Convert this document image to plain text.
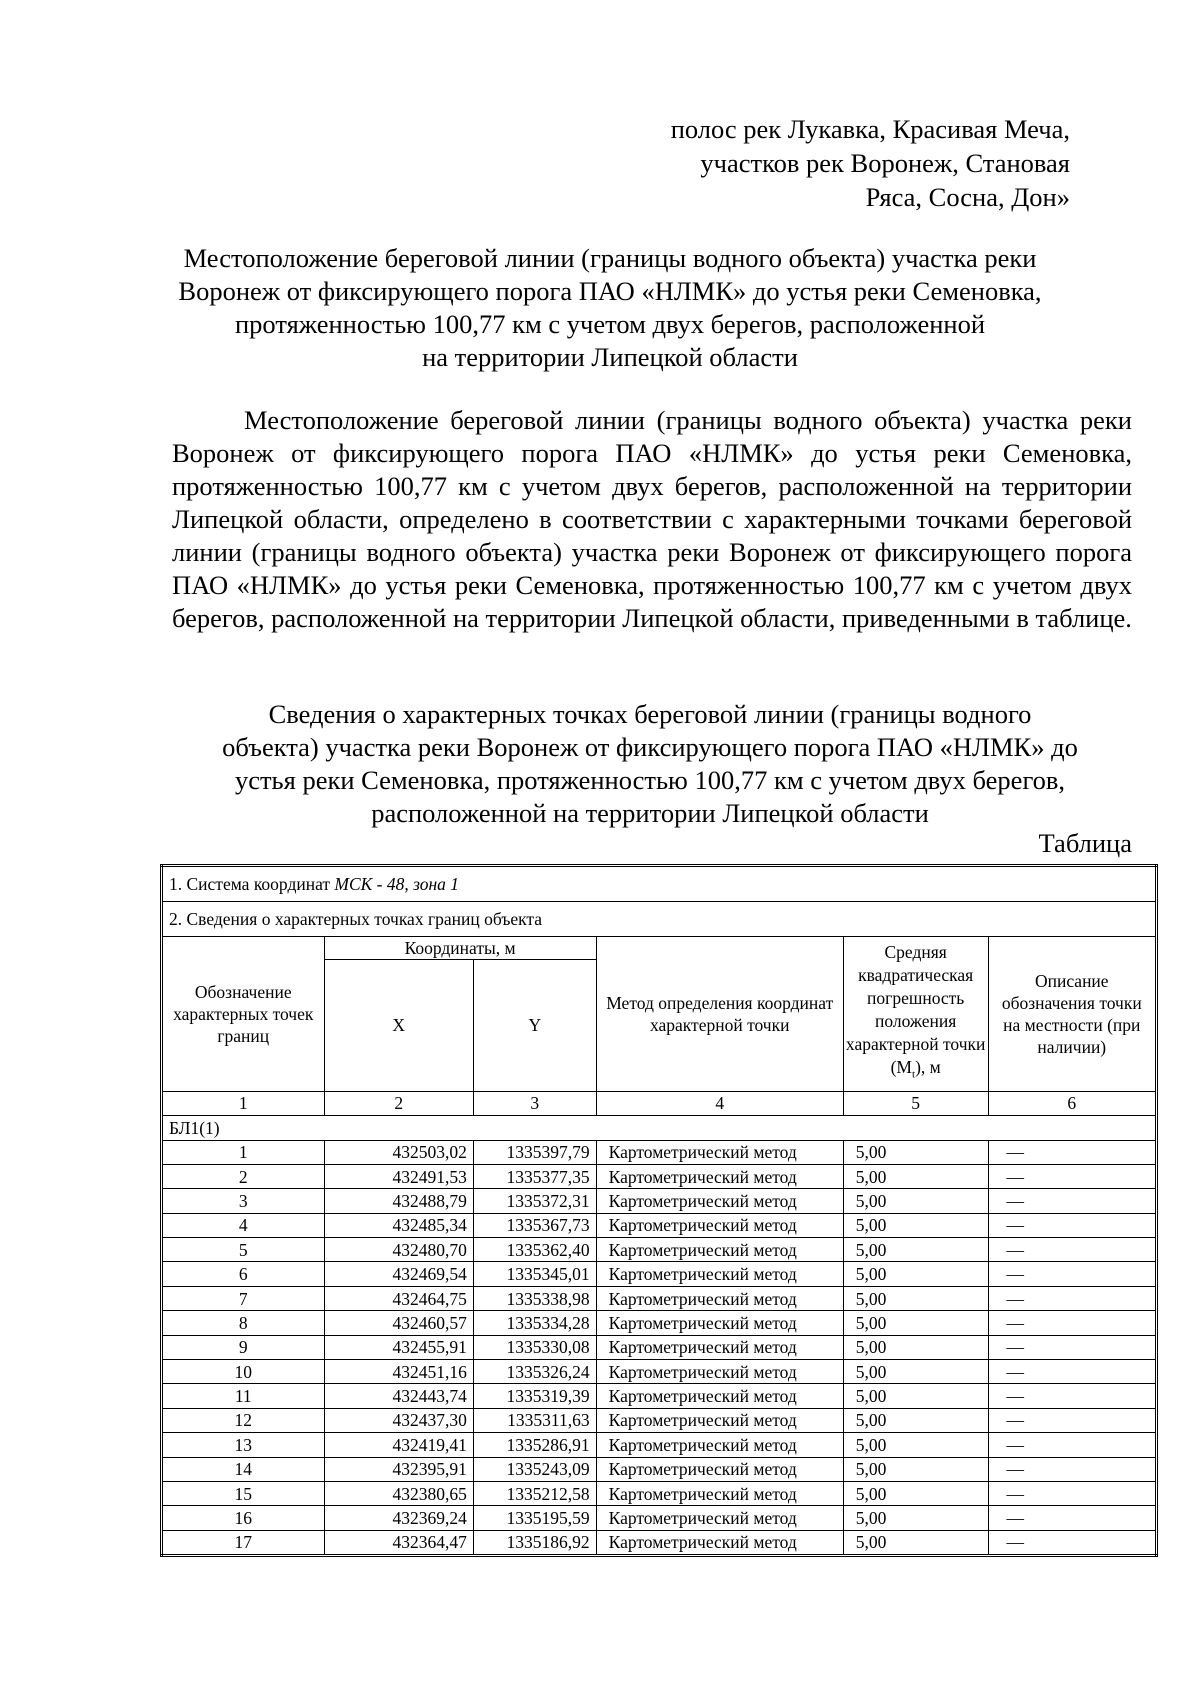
полос рек Лукавка, Красивая Меча,
участков рек Воронеж, Становая
Ряса, Сосна, Дон»
Местоположение береговой линии (границы водного объекта) участка реки
Воронеж от фиксирующего порога ПАО «НЛМК» до устья реки Семеновка,
протяженностью 100,77 км с учетом двух берегов, расположенной
на территории Липецкой области
Местоположение береговой линии (границы водного объекта) участка реки Воронеж от фиксирующего порога ПАО «НЛМК» до устья реки Семеновка, протяженностью 100,77 км с учетом двух берегов, расположенной на территории Липецкой области, определено в соответствии с характерными точками береговой линии (границы водного объекта) участка реки Воронеж от фиксирующего порога ПАО «НЛМК» до устья реки Семеновка, протяженностью 100,77 км с учетом двух берегов, расположенной на территории Липецкой области, приведенными в таблице.
Сведения о характерных точках береговой линии (границы водного
объекта) участка реки Воронеж от фиксирующего порога ПАО «НЛМК» до
устья реки Семеновка, протяженностью 100,77 км с учетом двух берегов,
расположенной на территории Липецкой области
Таблица
1. Система координат МСК - 48, зона 1					
2. Сведения о характерных точках границ объекта					
Обозначение характерных точек границ	Координаты, м		Метод определения координат характерной точки	Средняя квадратическая погрешность положения характерной точки $(M_t)$, м	Описание обозначения точки на местности (при наличии)
	X	Y			
1	2	3	4	5	6
БЛ1(1)					
1	432503,02	1335397,79	Картометрический метод	5,00	—
2	432491,53	1335377,35	Картометрический метод	5,00	—
3	432488,79	1335372,31	Картометрический метод	5,00	—
4	432485,34	1335367,73	Картометрический метод	5,00	—
5	432480,70	1335362,40	Картометрический метод	5,00	—
6	432469,54	1335345,01	Картометрический метод	5,00	—
7	432464,75	1335338,98	Картометрический метод	5,00	—
8	432460,57	1335334,28	Картометрический метод	5,00	—
9	432455,91	1335330,08	Картометрический метод	5,00	—
10	432451,16	1335326,24	Картометрический метод	5,00	—
11	432443,74	1335319,39	Картометрический метод	5,00	—
12	432437,30	1335311,63	Картометрический метод	5,00	—
13	432419,41	1335286,91	Картометрический метод	5,00	—
14	432395,91	1335243,09	Картометрический метод	5,00	—
15	432380,65	1335212,58	Картометрический метод	5,00	—
16	432369,24	1335195,59	Картометрический метод	5,00	—
17	432364,47	1335186,92	Картометрический метод	5,00	—
